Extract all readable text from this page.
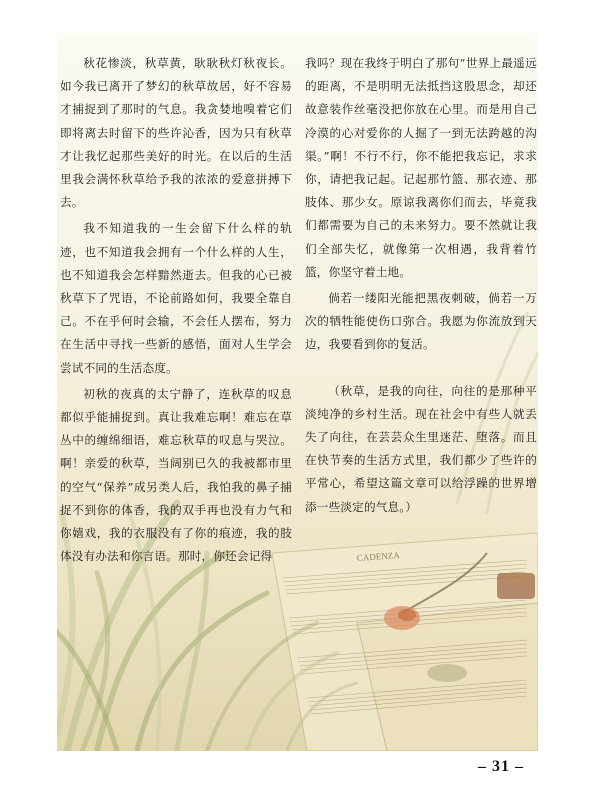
CADENZA

秋花惨淡，秋草黄，耿耿秋灯秋夜长。如今我已离开了梦幻的秋草故居，好不容易才捕捉到了那时的气息。我贪婪地嗅着它们即将离去时留下的些许沁香，因为只有秋草才让我忆起那些美好的时光。在以后的生活里我会满怀秋草给予我的浓浓的爱意拼搏下去。

我不知道我的一生会留下什么样的轨迹，也不知道我会拥有一个什么样的人生，也不知道我会怎样黯然逝去。但我的心已被秋草下了咒语，不论前路如何，我要全靠自己。不在乎何时会输，不会任人摆布，努力在生活中寻找一些新的感悟，面对人生学会尝试不同的生活态度。

初秋的夜真的太宁静了，连秋草的叹息都似乎能捕捉到。真让我难忘啊！难忘在草丛中的缠绵细语，难忘秋草的叹息与哭泣。啊！亲爱的秋草，当阔别已久的我被都市里的空气“保养”成另类人后，我怕我的鼻子捕捉不到你的体香，我的双手再也没有力气和你嬉戏，我的衣服没有了你的痕迹，我的肢体没有办法和你言语。那时，你还会记得

我吗？现在我终于明白了那句“世界上最遥远的距离，不是明明无法抵挡这股思念，却还故意装作丝毫没把你放在心里。而是用自己冷漠的心对爱你的人掘了一到无法跨越的沟渠。”啊！不行不行，你不能把我忘记，求求你，请把我记起。记起那竹篮、那衣迹、那肢体、那少女。原谅我离你们而去，毕竟我们都需要为自己的未来努力。要不然就让我们全部失忆，就像第一次相遇，我背着竹篮，你坚守着土地。

倘若一缕阳光能把黑夜刺破，倘若一万次的牺牲能使伤口弥合。我愿为你流放到天边，我要看到你的复活。

（秋草，是我的向往，向往的是那种平淡纯净的乡村生活。现在社会中有些人就丢失了向往，在芸芸众生里迷茫、堕落。而且在快节奏的生活方式里，我们都少了些许的平常心，希望这篇文章可以给浮躁的世界增添一些淡定的气息。）

– 31 –
